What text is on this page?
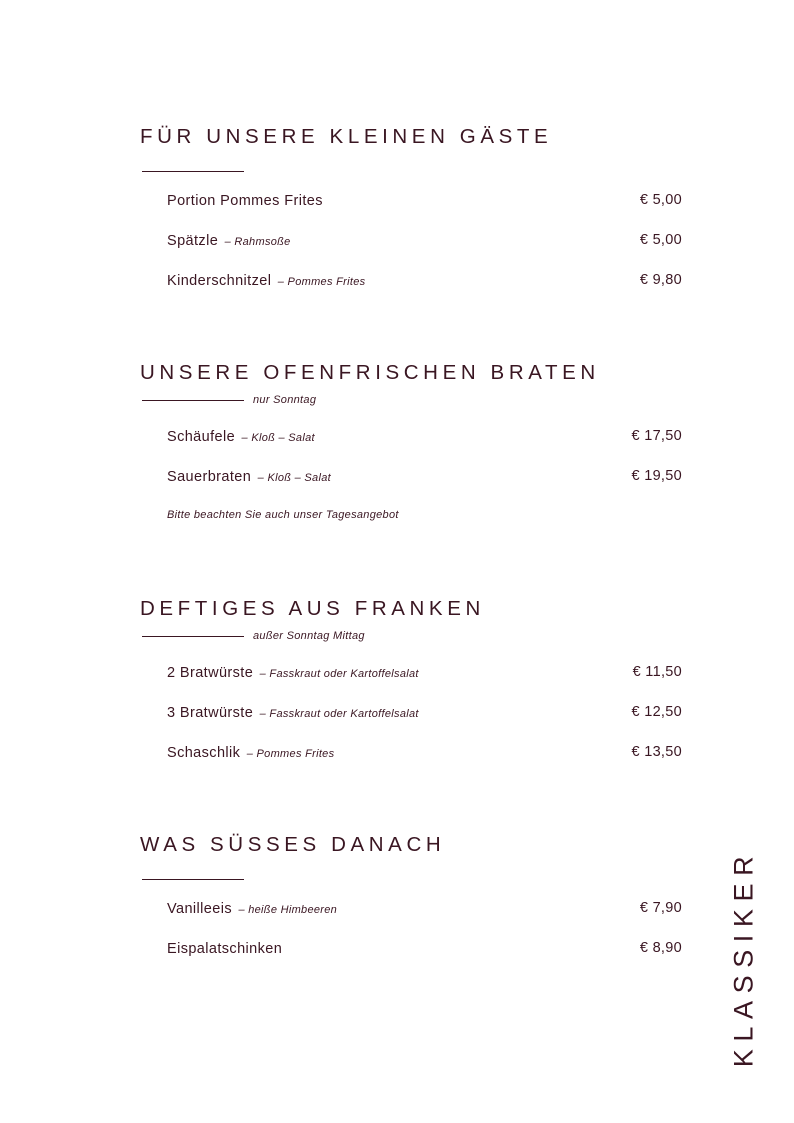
FÜR UNSERE KLEINEN GÄSTE
Portion Pommes Frites	€ 5,00
Spätzle – Rahmsoße	€ 5,00
Kinderschnitzel – Pommes Frites	€ 9,80
UNSERE OFENFRISCHEN BRATEN
nur Sonntag
Schäufele – Kloß – Salat	€ 17,50
Sauerbraten – Kloß – Salat	€ 19,50
Bitte beachten Sie auch unser Tagesangebot
DEFTIGES AUS FRANKEN
außer Sonntag Mittag
2 Bratwürste – Fasskraut oder Kartoffelsalat	€ 11,50
3 Bratwürste – Fasskraut oder Kartoffelsalat	€ 12,50
Schaschlik – Pommes Frites	€ 13,50
WAS SÜSSES DANACH
Vanilleeis – heiße Himbeeren	€ 7,90
Eispalatschinken	€ 8,90 KLASSIKER
